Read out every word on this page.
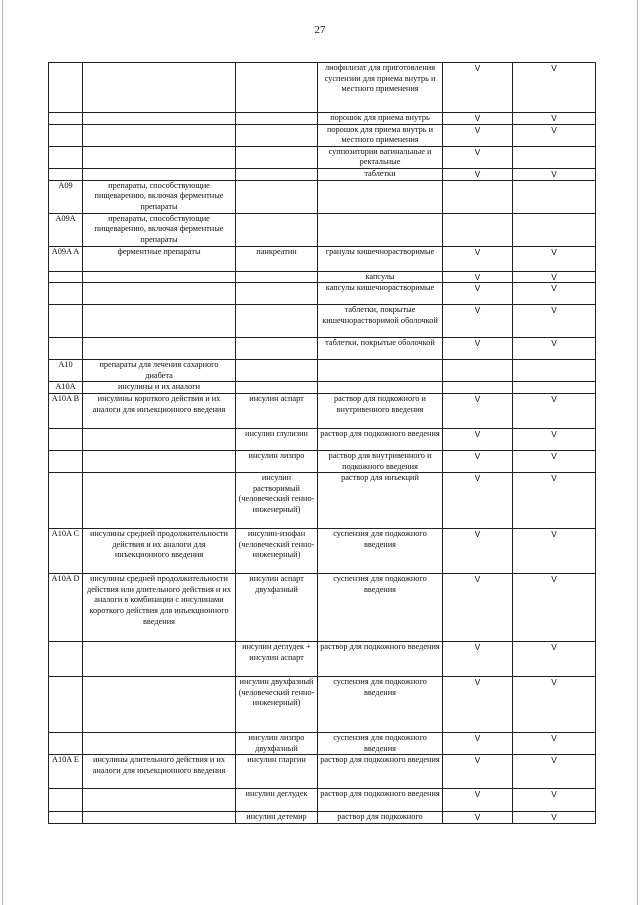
27
			лиофилизат для приготовления суспензии для приема внутрь и местного применения	V	V
			порошок для приема внутрь	V	V
			порошок для приема внутрь и местного применения	V	V
			суппозитории вагинальные и ректальные	V	
			таблетки	V	V
A09	препараты, способствующие пищеварению, включая ферментные препараты				
A09A	препараты, способствующие пищеварению, включая ферментные препараты				
A09A A	ферментные препараты	панкреатин	гранулы кишечнорастворимые	V	V
			капсулы	V	V
			капсулы кишечнорастворимые	V	V
			таблетки, покрытые кишечнорастворимой оболочкой	V	V
			таблетки, покрытые оболочкой	V	V
A10	препараты для лечения сахарного диабета				
A10A	инсулины и их аналоги				
A10A B	инсулины короткого действия и их аналоги для инъекционного введения	инсулин аспарт	раствор для подкожного и внутривенного введения	V	V
		инсулин глулизин	раствор для подкожного введения	V	V
		инсулин лизпро	раствор для внутривенного и подкожного введения	V	V
		инсулин растворимый (человеческий генно-инженерный)	раствор для инъекций	V	V
A10A C	инсулины средней продолжительности действия и их аналоги для инъекционного введения	инсулин-изофан (человеческий генно-инженерный)	суспензия для подкожного введения	V	V
A10A D	инсулины средней продолжительности действия или длительного действия и их аналоги в комбинации с инсулинами короткого действия для инъекционного введения	инсулин аспарт двухфазный	суспензия для подкожного введения	V	V
		инсулин деглудек + инсулин аспарт	раствор для подкожного введения	V	V
		инсулин двухфазный (человеческий генно-инженерный)	суспензия для подкожного введения	V	V
		инсулин лизпро двухфазный	суспензия для подкожного введения	V	V
A10A E	инсулины длительного действия и их аналоги для инъекционного введения	инсулин гларгин	раствор для подкожного введения	V	V
		инсулин деглудек	раствор для подкожного введения	V	V
		инсулин детемир	раствор для подкожного	V	V
